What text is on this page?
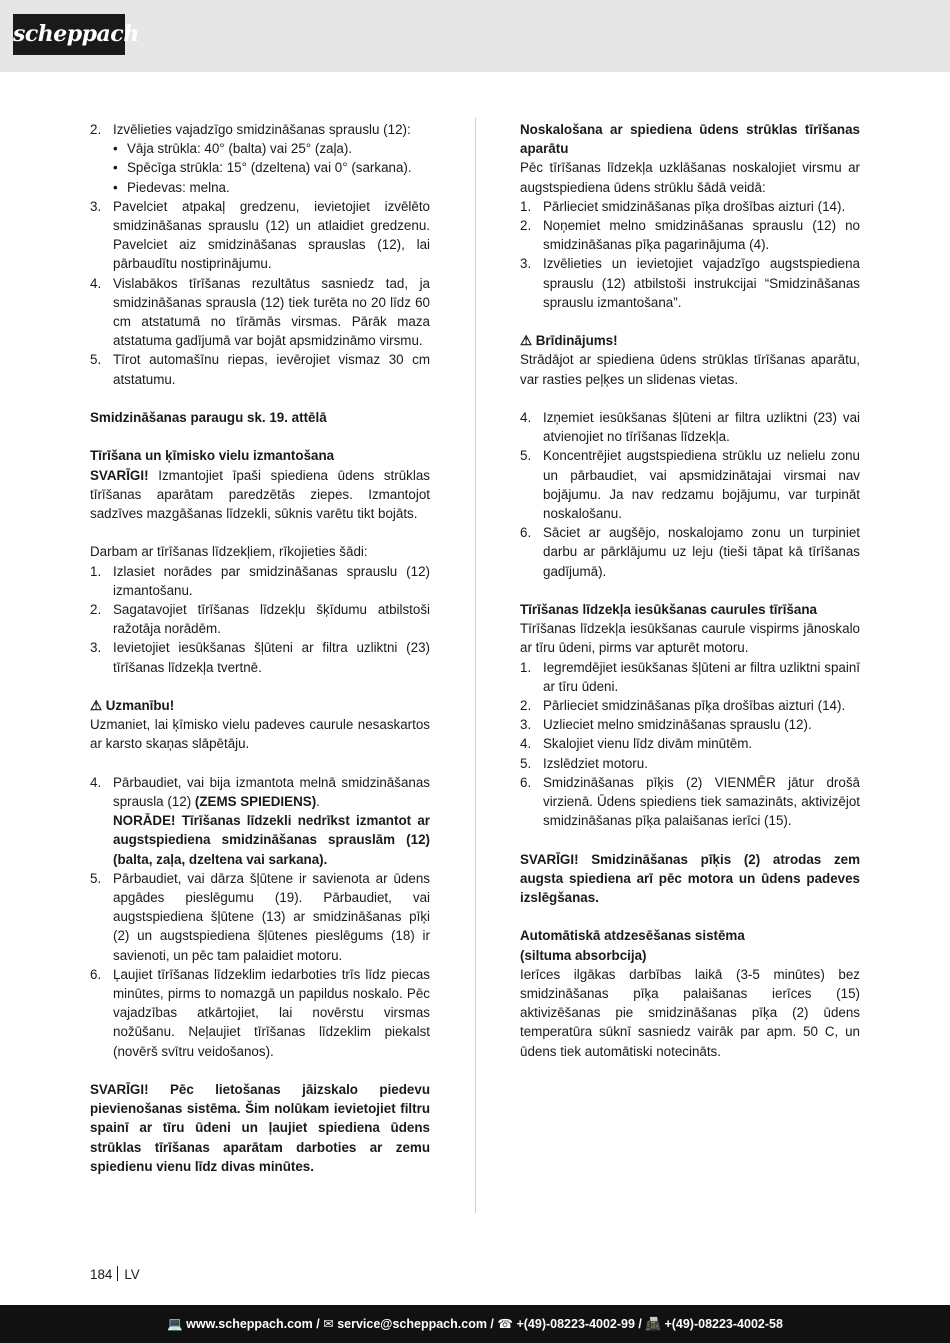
scheppach
2. Izvēlieties vajadzīgo smidzināšanas sprauslu (12):
• Vāja strūkla: 40° (balta) vai 25° (zaļa).
• Spēcīga strūkla: 15° (dzeltena) vai 0° (sarkana).
• Piedevas: melna.
3. Pavelciet atpakaļ gredzenu, ievietojiet izvēlēto smidzināšanas sprauslu (12) un atlaidiet gredzenu. Pavelciet aiz smidzināšanas sprauslas (12), lai pārbaudītu nostiprinājumu.
4. Vislabākos tīrīšanas rezultātus sasniedz tad, ja smidzināšanas sprausla (12) tiek turēta no 20 līdz 60 cm atstatumā no tīrāmās virsmas. Pārāk maza atstatuma gadījumā var bojāt apsmidzināmo virsmu.
5. Tīrot automašīnu riepas, ievērojiet vismaz 30 cm atstatumu.

Smidzināšanas paraugu sk. 19. attēlā

Tīrīšana un ķīmisko vielu izmantošana

SVARĪGI! Izmantojiet īpaši spiediena ūdens strūklas tīrīšanas aparātam paredzētās ziepes. Izmantojot sadzīves mazgāšanas līdzekli, sūknis varētu tikt bojāts.

Darbam ar tīrīšanas līdzekļiem, rīkojieties šādi:

1. Izlasiet norādes par smidzināšanas sprauslu (12) izmantošanu.
2. Sagatavojiet tīrīšanas līdzekļu šķīdumu atbilstoši ražotāja norādēm.
3. Ievietojiet iesūkšanas šļūteni ar filtra uzliktni (23) tīrīšanas līdzekļa tvertnē.

⚠ Uzmanību!

Uzmaniet, lai ķīmisko vielu padeves caurule nesaskartos ar karsto skaņas slāpētāju.

4. Pārbaudiet, vai bija izmantota melnā smidzināšanas sprausla (12) (ZEMS SPIEDIENS).
NORĀDE! Tīrīšanas līdzekli nedrīkst izmantot ar augstspiediena smidzināšanas sprauslām (12) (balta, zaļa, dzeltena vai sarkana).
5. Pārbaudiet, vai dārza šļūtene ir savienota ar ūdens apgādes pieslēgumu (19). Pārbaudiet, vai augstspiediena šļūtene (13) ar smidzināšanas pīķi (2) un augstspiediena šļūtenes pieslēgums (18) ir savienoti, un pēc tam palaidiet motoru.
6. Ļaujiet tīrīšanas līdzeklim iedarboties trīs līdz piecas minūtes, pirms to nomazgā un papildus noskalo. Pēc vajadzības atkārtojiet, lai novērstu virsmas nožūšanu. Neļaujiet tīrīšanas līdzeklim piekalst (novērš svītru veidošanos).

SVARĪGI! Pēc lietošanas jāizskalo piedevu pievienošanas sistēma. Šim nolūkam ievietojiet filtru spainī ar tīru ūdeni un ļaujiet spiediena ūdens strūklas tīrīšanas aparātam darboties ar zemu spiedienu vienu līdz divas minūtes.

Noskalošana ar spiediena ūdens strūklas tīrīšanas aparātu

Pēc tīrīšanas līdzekļa uzklāšanas noskalojiet virsmu ar augstspiediena ūdens strūklu šādā veidā:

1. Pārlieciet smidzināšanas pīķa drošības aizturi (14).
2. Noņemiet melno smidzināšanas sprauslu (12) no smidzināšanas pīķa pagarinājuma (4).
3. Izvēlieties un ievietojiet vajadzīgo augstspiediena sprauslu (12) atbilstoši instrukcijai “Smidzināšanas sprauslu izmantošana”.

⚠ Brīdinājums!

Strādājot ar spiediena ūdens strūklas tīrīšanas aparātu, var rasties peļķes un slidenas vietas.

4. Izņemiet iesūkšanas šļūteni ar filtra uzliktni (23) vai atvienojiet no tīrīšanas līdzekļa.
5. Koncentrējiet augstspiediena strūklu uz nelielu zonu un pārbaudiet, vai apsmidzinātajai virsmai nav bojājumu. Ja nav redzamu bojājumu, var turpināt noskalošanu.
6. Sāciet ar augšējo, noskalojamo zonu un turpiniet darbu ar pārklājumu uz leju (tieši tāpat kā tīrīšanas gadījumā).

Tīrīšanas līdzekļa iesūkšanas caurules tīrīšana

Tīrīšanas līdzekļa iesūkšanas caurule vispirms jānoskalo ar tīru ūdeni, pirms var apturēt motoru.

1. Iegremdējiet iesūkšanas šļūteni ar filtra uzliktni spainī ar tīru ūdeni.
2. Pārlieciet smidzināšanas pīķa drošības aizturi (14).
3. Uzlieciet melno smidzināšanas sprauslu (12).
4. Skalojiet vienu līdz divām minūtēm.
5. Izslēdziet motoru.
6. Smidzināšanas pīķis (2) VIENMĒR jātur drošā virzienā. Ūdens spiediens tiek samazināts, aktivizējot smidzināšanas pīķa palaišanas ierīci (15).

SVARĪGI! Smidzināšanas pīķis (2) atrodas zem augsta spiediena arī pēc motora un ūdens padeves izslēgšanas.

Automātiskā atdzesēšanas sistēma

(siltuma absorbcija)

Ierīces ilgākas darbības laikā (3-5 minūtes) bez smidzināšanas pīķa palaišanas ierīces (15) aktivizēšanas pie smidzināšanas pīķa (2) ūdens temperatūra sūknī sasniedz vairāk par apm. 50 C, un ūdens tiek automātiski notecināts.

184 LV
💻 www.scheppach.com / ✉ service@scheppach.com / ☎ +(49)-08223-4002-99 / 📠 +(49)-08223-4002-58
